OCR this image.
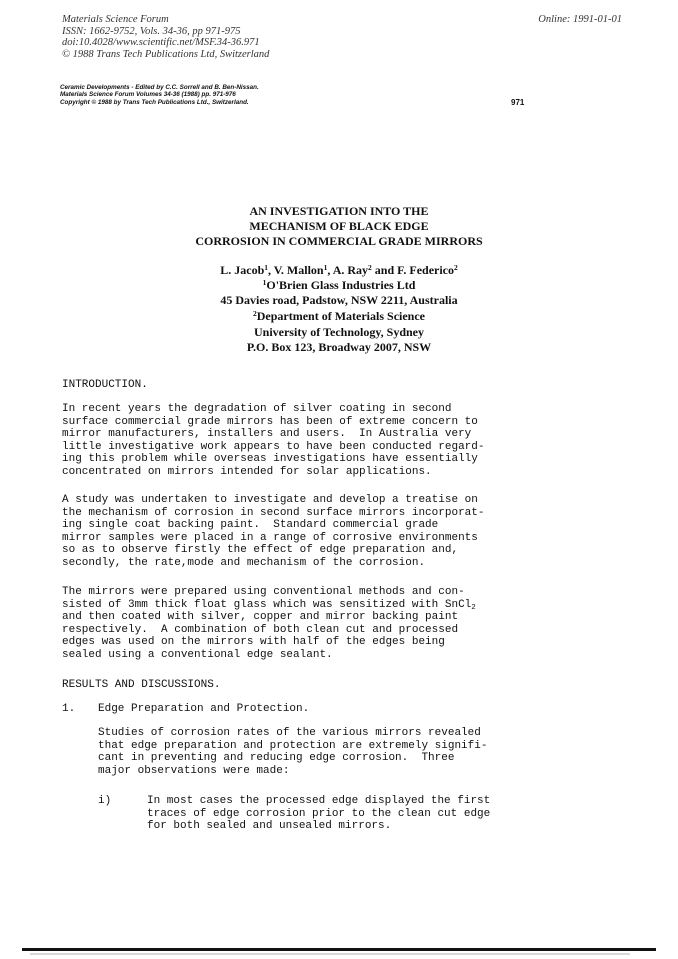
Materials Science Forum
ISSN: 1662-9752, Vols. 34-36, pp 971-975
doi:10.4028/www.scientific.net/MSF.34-36.971
© 1988 Trans Tech Publications Ltd, Switzerland
Online: 1991-01-01
Ceramic Developments - Edited by C.C. Sorrell and B. Ben-Nissan.
Materials Science Forum Volumes 34-36 (1988) pp. 971-976
Copyright © 1988 by Trans Tech Publications Ltd., Switzerland.	971
AN INVESTIGATION INTO THE
MECHANISM OF BLACK EDGE
CORROSION IN COMMERCIAL GRADE MIRRORS
L. Jacob$^1$, V. Mallon$^1$, A. Ray$^2$ and F. Federico$^2$
$^1$O'Brien Glass Industries Ltd
45 Davies road, Padstow, NSW 2211, Australia
$^2$Department of Materials Science
University of Technology, Sydney
P.O. Box 123, Broadway 2007, NSW
INTRODUCTION.
In recent years the degradation of silver coating in second
surface commercial grade mirrors has been of extreme concern to
mirror manufacturers, installers and users.  In Australia very
little investigative work appears to have been conducted regard-
ing this problem while overseas investigations have essentially
concentrated on mirrors intended for solar applications.
A study was undertaken to investigate and develop a treatise on
the mechanism of corrosion in second surface mirrors incorporat-
ing single coat backing paint.  Standard commercial grade
mirror samples were placed in a range of corrosive environments
so as to observe firstly the effect of edge preparation and,
secondly, the rate,mode and mechanism of the corrosion.
The mirrors were prepared using conventional methods and con-
sisted of 3mm thick float glass which was sensitized with SnCl$_2$
and then coated with silver, copper and mirror backing paint
respectively.  A combination of both clean cut and processed
edges was used on the mirrors with half of the edges being
sealed using a conventional edge sealant.
RESULTS AND DISCUSSIONS.
1. Edge Preparation and Protection.
Studies of corrosion rates of the various mirrors revealed
that edge preparation and protection are extremely signifi-
cant in preventing and reducing edge corrosion.  Three
major observations were made:
i)	In most cases the processed edge displayed the first
traces of edge corrosion prior to the clean cut edge
for both sealed and unsealed mirrors.
